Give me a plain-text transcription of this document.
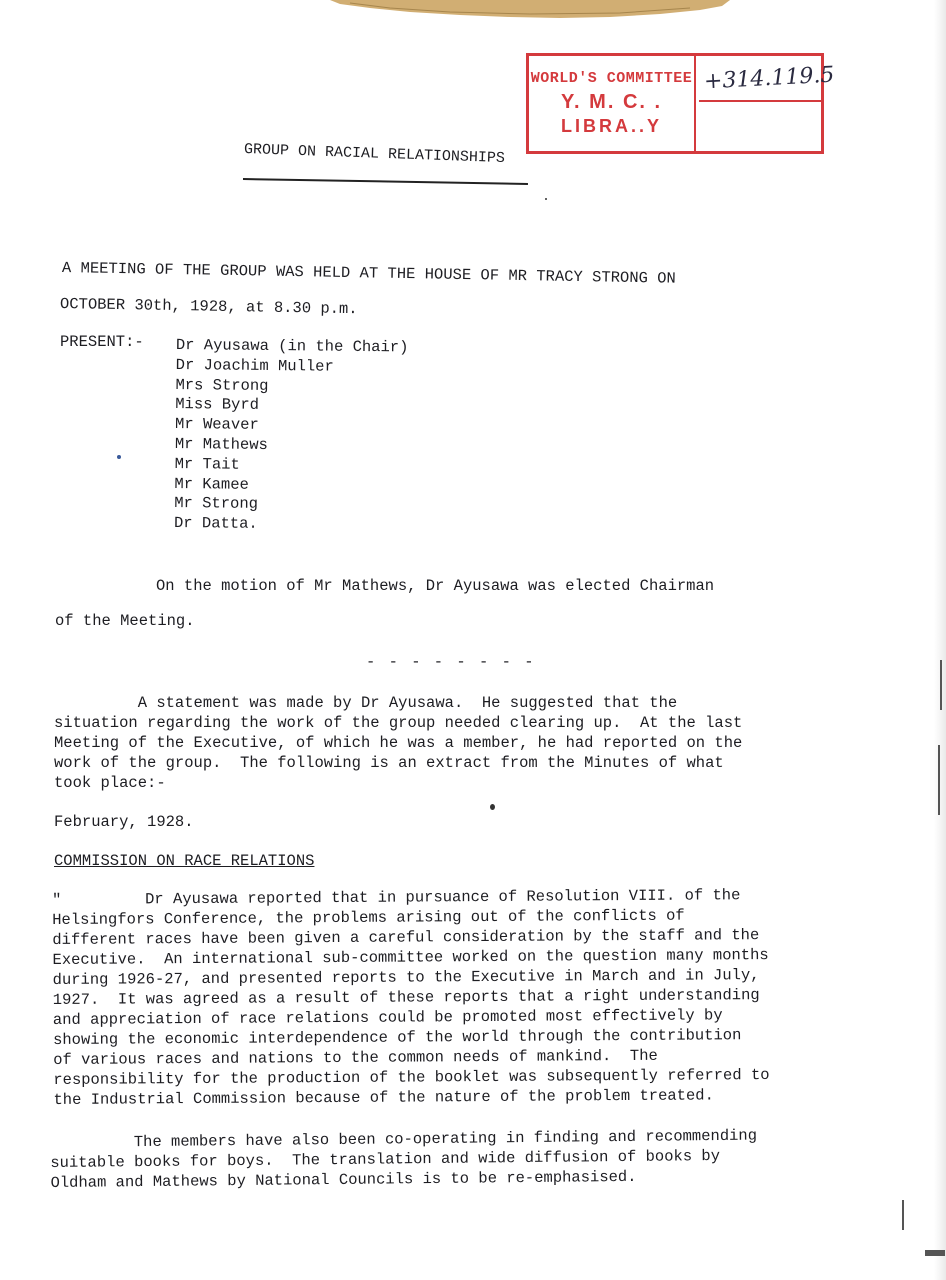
WORLD'S COMMITTEE
Y. M. C. .
LIBRA..Y
+314.119.5
GROUP ON RACIAL RELATIONSHIPS
A MEETING OF THE GROUP WAS HELD AT THE HOUSE OF MR TRACY STRONG ON
OCTOBER 30th, 1928, at 8.30 p.m.
PRESENT:- Dr Ayusawa (in the Chair)
Dr Joachim Muller
Mrs Strong
Miss Byrd
Mr Weaver
Mr Mathews
Mr Tait
Mr Kamee
Mr Strong
Dr Datta.
On the motion of Mr Mathews, Dr Ayusawa was elected Chairman
of the Meeting.
- - - - - - - -
A statement was made by Dr Ayusawa.  He suggested that the
situation regarding the work of the group needed clearing up.  At the last
Meeting of the Executive, of which he was a member, he had reported on the
work of the group.  The following is an extract from the Minutes of what
took place:-
February, 1928.
COMMISSION ON RACE RELATIONS
"         Dr Ayusawa reported that in pursuance of Resolution VIII. of the
Helsingfors Conference, the problems arising out of the conflicts of
different races have been given a careful consideration by the staff and the
Executive.  An international sub-committee worked on the question many months
during 1926-27, and presented reports to the Executive in March and in July,
1927.  It was agreed as a result of these reports that a right understanding
and appreciation of race relations could be promoted most effectively by
showing the economic interdependence of the world through the contribution
of various races and nations to the common needs of mankind.  The
responsibility for the production of the booklet was subsequently referred to
the Industrial Commission because of the nature of the problem treated.
The members have also been co-operating in finding and recommending
suitable books for boys.  The translation and wide diffusion of books by
Oldham and Mathews by National Councils is to be re-emphasised.
